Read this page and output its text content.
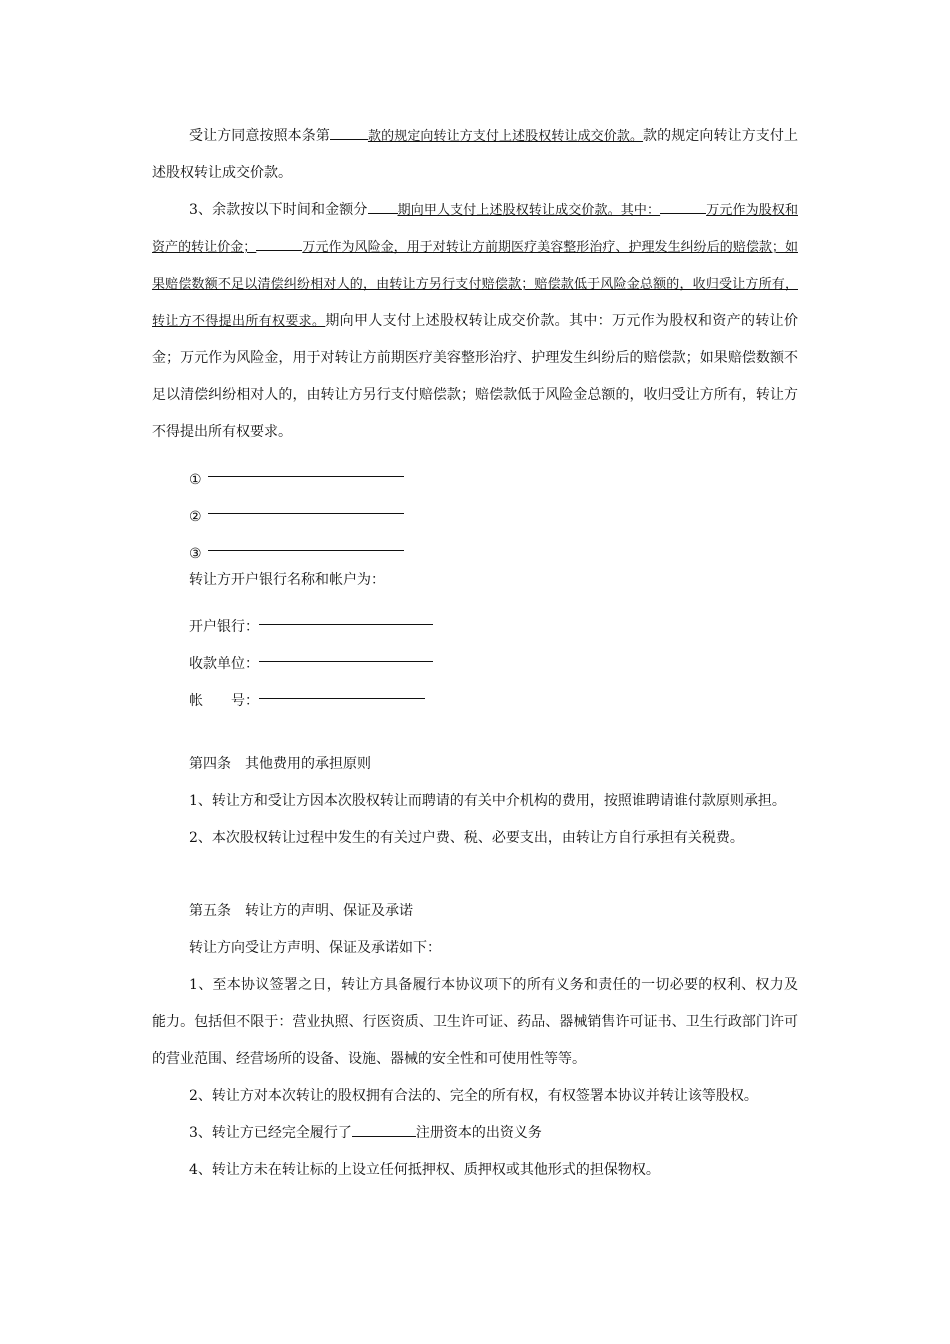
受让方同意按照本条第	款的规定向转让方支付上述股权转让成交价款。款的规定向转让方支付上述股权转让成交价款。

3、余款按以下时间和金额分 期向甲人支付上述股权转让成交价款。其中：	万元作为股权和资产的转让价金；	万元作为风险金，用于对转让方前期医疗美容整形治疗、护理发生纠纷后的赔偿款；如果赔偿数额不足以清偿纠纷相对人的，由转让方另行支付赔偿款；赔偿款低于风险金总额的，收归受让方所有，转让方不得提出所有权要求。期向甲人支付上述股权转让成交价款。其中：万元作为股权和资产的转让价金；万元作为风险金，用于对转让方前期医疗美容整形治疗、护理发生纠纷后的赔偿款；如果赔偿数额不足以清偿纠纷相对人的，由转让方另行支付赔偿款；赔偿款低于风险金总额的，收归受让方所有，转让方不得提出所有权要求。

①
②
③

转让方开户银行名称和帐户为：

开户银行：
收款单位：
帐　　号：

第四条　其他费用的承担原则

1、转让方和受让方因本次股权转让而聘请的有关中介机构的费用，按照谁聘请谁付款原则承担。

2、本次股权转让过程中发生的有关过户费、税、必要支出，由转让方自行承担有关税费。

第五条　转让方的声明、保证及承诺

转让方向受让方声明、保证及承诺如下：

1、至本协议签署之日，转让方具备履行本协议项下的所有义务和责任的一切必要的权利、权力及能力。包括但不限于：营业执照、行医资质、卫生许可证、药品、器械销售许可证书、卫生行政部门许可的营业范围、经营场所的设备、设施、器械的安全性和可使用性等等。

2、转让方对本次转让的股权拥有合法的、完全的所有权，有权签署本协议并转让该等股权。

3、转让方已经完全履行了	注册资本的出资义务

4、转让方未在转让标的上设立任何抵押权、质押权或其他形式的担保物权。
